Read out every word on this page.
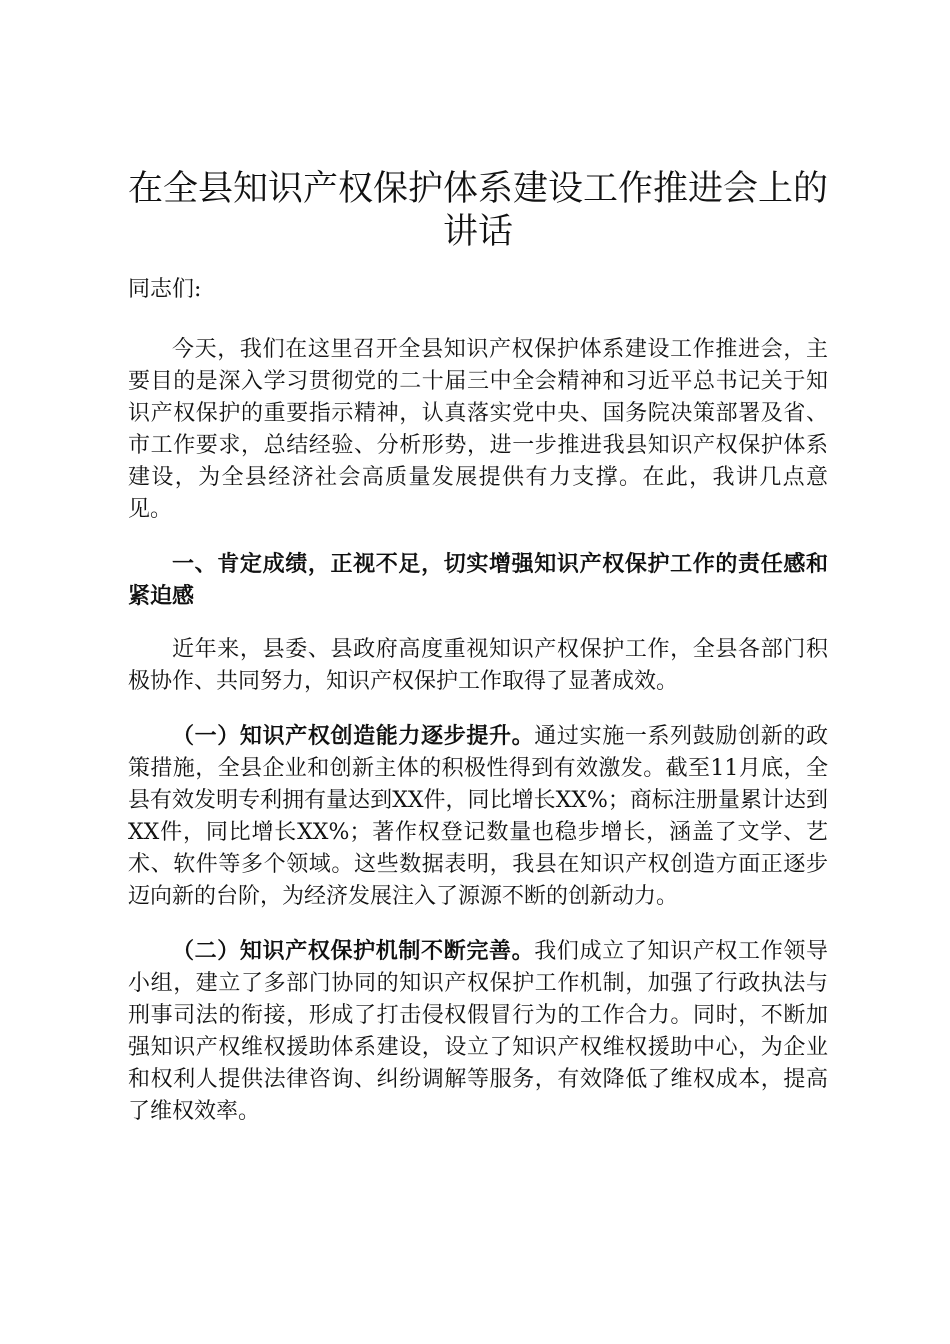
在全县知识产权保护体系建设工作推进会上的讲话

同志们:

今天，我们在这里召开全县知识产权保护体系建设工作推进会，主要目的是深入学习贯彻党的二十届三中全会精神和习近平总书记关于知识产权保护的重要指示精神，认真落实党中央、国务院决策部署及省、市工作要求，总结经验、分析形势，进一步推进我县知识产权保护体系建设，为全县经济社会高质量发展提供有力支撑。在此，我讲几点意见。

一、肯定成绩，正视不足，切实增强知识产权保护工作的责任感和紧迫感

近年来，县委、县政府高度重视知识产权保护工作，全县各部门积极协作、共同努力，知识产权保护工作取得了显著成效。

（一）知识产权创造能力逐步提升。通过实施一系列鼓励创新的政策措施，全县企业和创新主体的积极性得到有效激发。截至11月底，全县有效发明专利拥有量达到XX件，同比增长XX%；商标注册量累计达到XX件，同比增长XX%；著作权登记数量也稳步增长，涵盖了文学、艺术、软件等多个领域。这些数据表明，我县在知识产权创造方面正逐步迈向新的台阶，为经济发展注入了源源不断的创新动力。

（二）知识产权保护机制不断完善。我们成立了知识产权工作领导小组，建立了多部门协同的知识产权保护工作机制，加强了行政执法与刑事司法的衔接，形成了打击侵权假冒行为的工作合力。同时，不断加强知识产权维权援助体系建设，设立了知识产权维权援助中心，为企业和权利人提供法律咨询、纠纷调解等服务，有效降低了维权成本，提高了维权效率。
